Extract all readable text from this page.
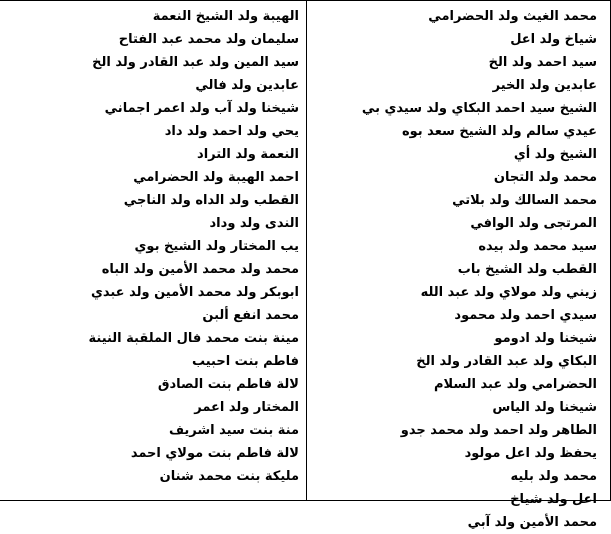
محمد الغيث ولد الحضرامي
شياخ ولد اعل
سيد احمد ولد الخ
عابدين ولد الخير
الشيخ سيد احمد البكاي ولد سيدي بي
عيدي سالم ولد الشيخ سعد بوه
الشيخ ولد أي
محمد ولد التجان
محمد السالك ولد بلاتي
المرتجى ولد الوافي
سيد محمد ولد بيده
القطب ولد الشيخ باب
زيني ولد مولاي ولد عبد الله
سيدي احمد ولد محمود
شيخنا ولد ادومو
البكاي ولد عبد القادر ولد الخ
الحضرامي ولد عبد السلام
شيخنا ولد الياس
الطاهر ولد احمد ولد محمد جدو
يحفظ ولد اعل مولود
محمد ولد بليه
اعل ولد شياخ
محمد الأمين ولد آبي
الهيبة ولد الشيخ النعمة
سليمان ولد محمد عبد الفتاح
سيد المين ولد عبد القادر ولد الخ
عابدين ولد فالي
شيخنا ولد آب ولد اعمر اجماني
يحي ولد احمد ولد داد
النعمة ولد التراد
احمد الهيبة ولد الحضرامي
القطب ولد الداه ولد الناجي
الندى ولد وداد
يب المختار ولد الشيخ بوي
محمد ولد محمد الأمين ولد الباه
ابوبكر ولد محمد الأمين ولد عبدي
محمد انفع ألبن
مينة بنت محمد فال الملقبة النينة
فاطم بنت احبيب
لالة فاطم بنت الصادق
المختار ولد اعمر
منة بنت سيد اشريف
لالة فاطم بنت مولاي احمد
مليكة بنت محمد شنان
